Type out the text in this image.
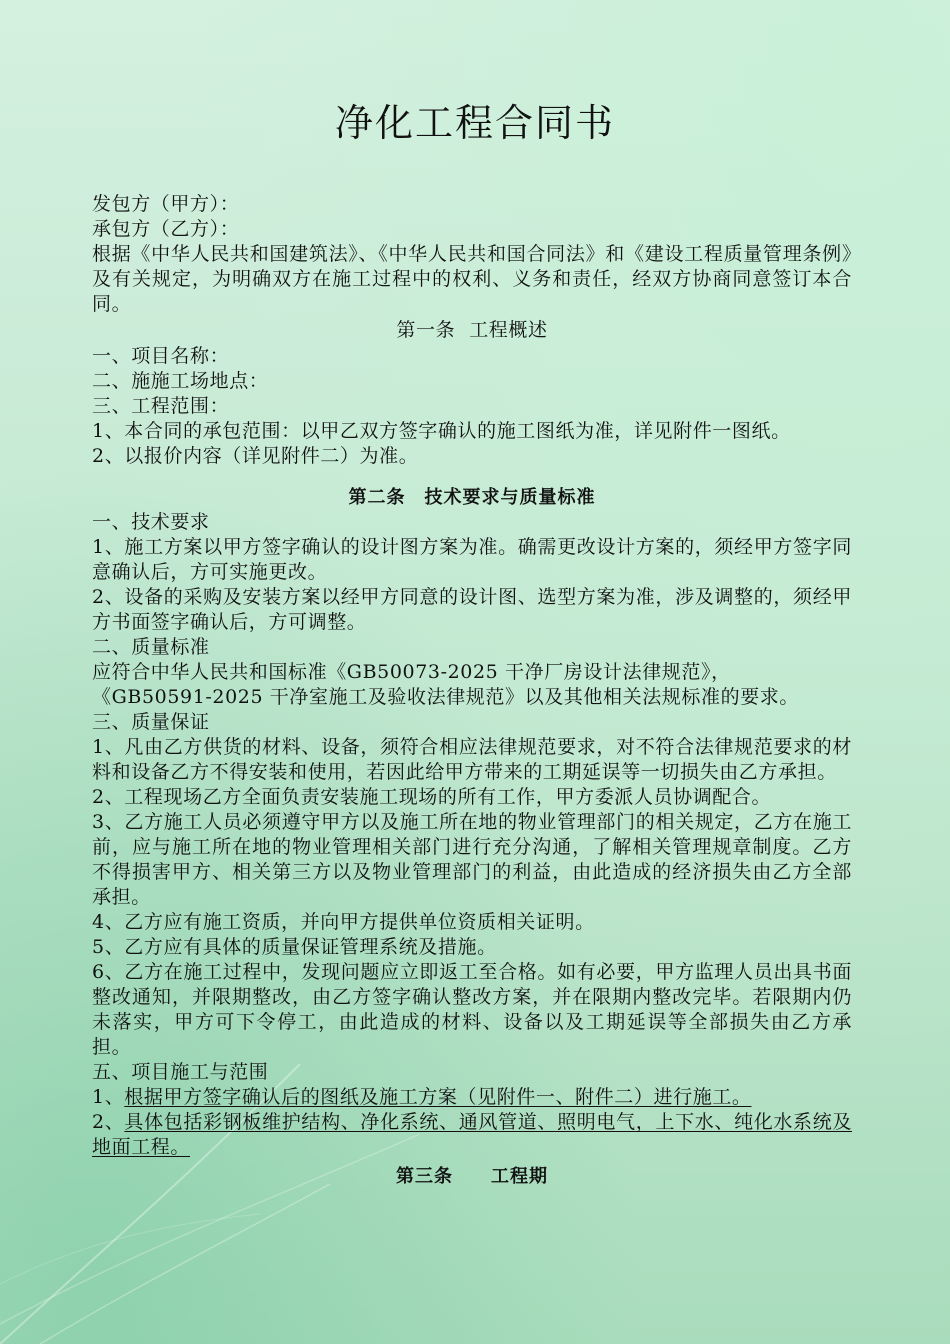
净化工程合同书
发包方（甲方）：
承包方（乙方）：
根据《中华人民共和国建筑法》、《中华人民共和国合同法》和《建设工程质量管理条例》及有关规定，为明确双方在施工过程中的权利、义务和责任，经双方协商同意签订本合同。
第一条 工程概述
一、项目名称：
二、施施工场地点：
三、工程范围：
1、本合同的承包范围：以甲乙双方签字确认的施工图纸为准，详见附件一图纸。
2、以报价内容（详见附件二）为准。
第二条　技术要求与质量标准
一、技术要求
1、施工方案以甲方签字确认的设计图方案为准。确需更改设计方案的，须经甲方签字同意确认后，方可实施更改。
2、设备的采购及安装方案以经甲方同意的设计图、选型方案为准，涉及调整的，须经甲方书面签字确认后，方可调整。
二、质量标准
应符合中华人民共和国标准《GB50073-2025 干净厂房设计法律规范》，
《GB50591-2025 干净室施工及验收法律规范》以及其他相关法规标准的要求。
三、质量保证
1、凡由乙方供货的材料、设备，须符合相应法律规范要求，对不符合法律规范要求的材料和设备乙方不得安装和使用，若因此给甲方带来的工期延误等一切损失由乙方承担。
2、工程现场乙方全面负责安装施工现场的所有工作，甲方委派人员协调配合。
3、乙方施工人员必须遵守甲方以及施工所在地的物业管理部门的相关规定，乙方在施工前，应与施工所在地的物业管理相关部门进行充分沟通，了解相关管理规章制度。乙方不得损害甲方、相关第三方以及物业管理部门的利益，由此造成的经济损失由乙方全部承担。
4、乙方应有施工资质，并向甲方提供单位资质相关证明。
5、乙方应有具体的质量保证管理系统及措施。
6、乙方在施工过程中，发现问题应立即返工至合格。如有必要，甲方监理人员出具书面整改通知，并限期整改，由乙方签字确认整改方案，并在限期内整改完毕。若限期内仍未落实，甲方可下令停工，由此造成的材料、设备以及工期延误等全部损失由乙方承担。
五、项目施工与范围
1、根据甲方签字确认后的图纸及施工方案（见附件一、附件二）进行施工。
2、具体包括彩钢板维护结构、净化系统、通风管道、照明电气，上下水、纯化水系统及地面工程。
第三条　　工程期
